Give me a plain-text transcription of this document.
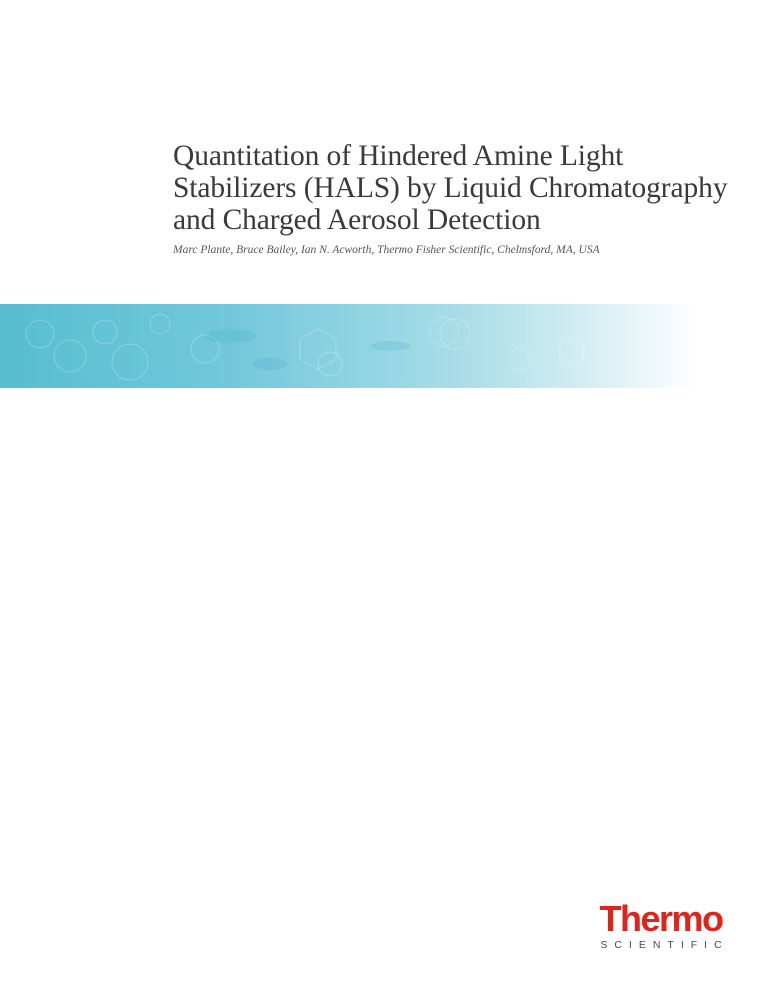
Quantitation of Hindered Amine Light Stabilizers (HALS) by Liquid Chromatography and Charged Aerosol Detection

Marc Plante, Bruce Bailey, Ian N. Acworth, Thermo Fisher Scientific, Chelmsford, MA, USA

Thermo
SCIENTIFIC
